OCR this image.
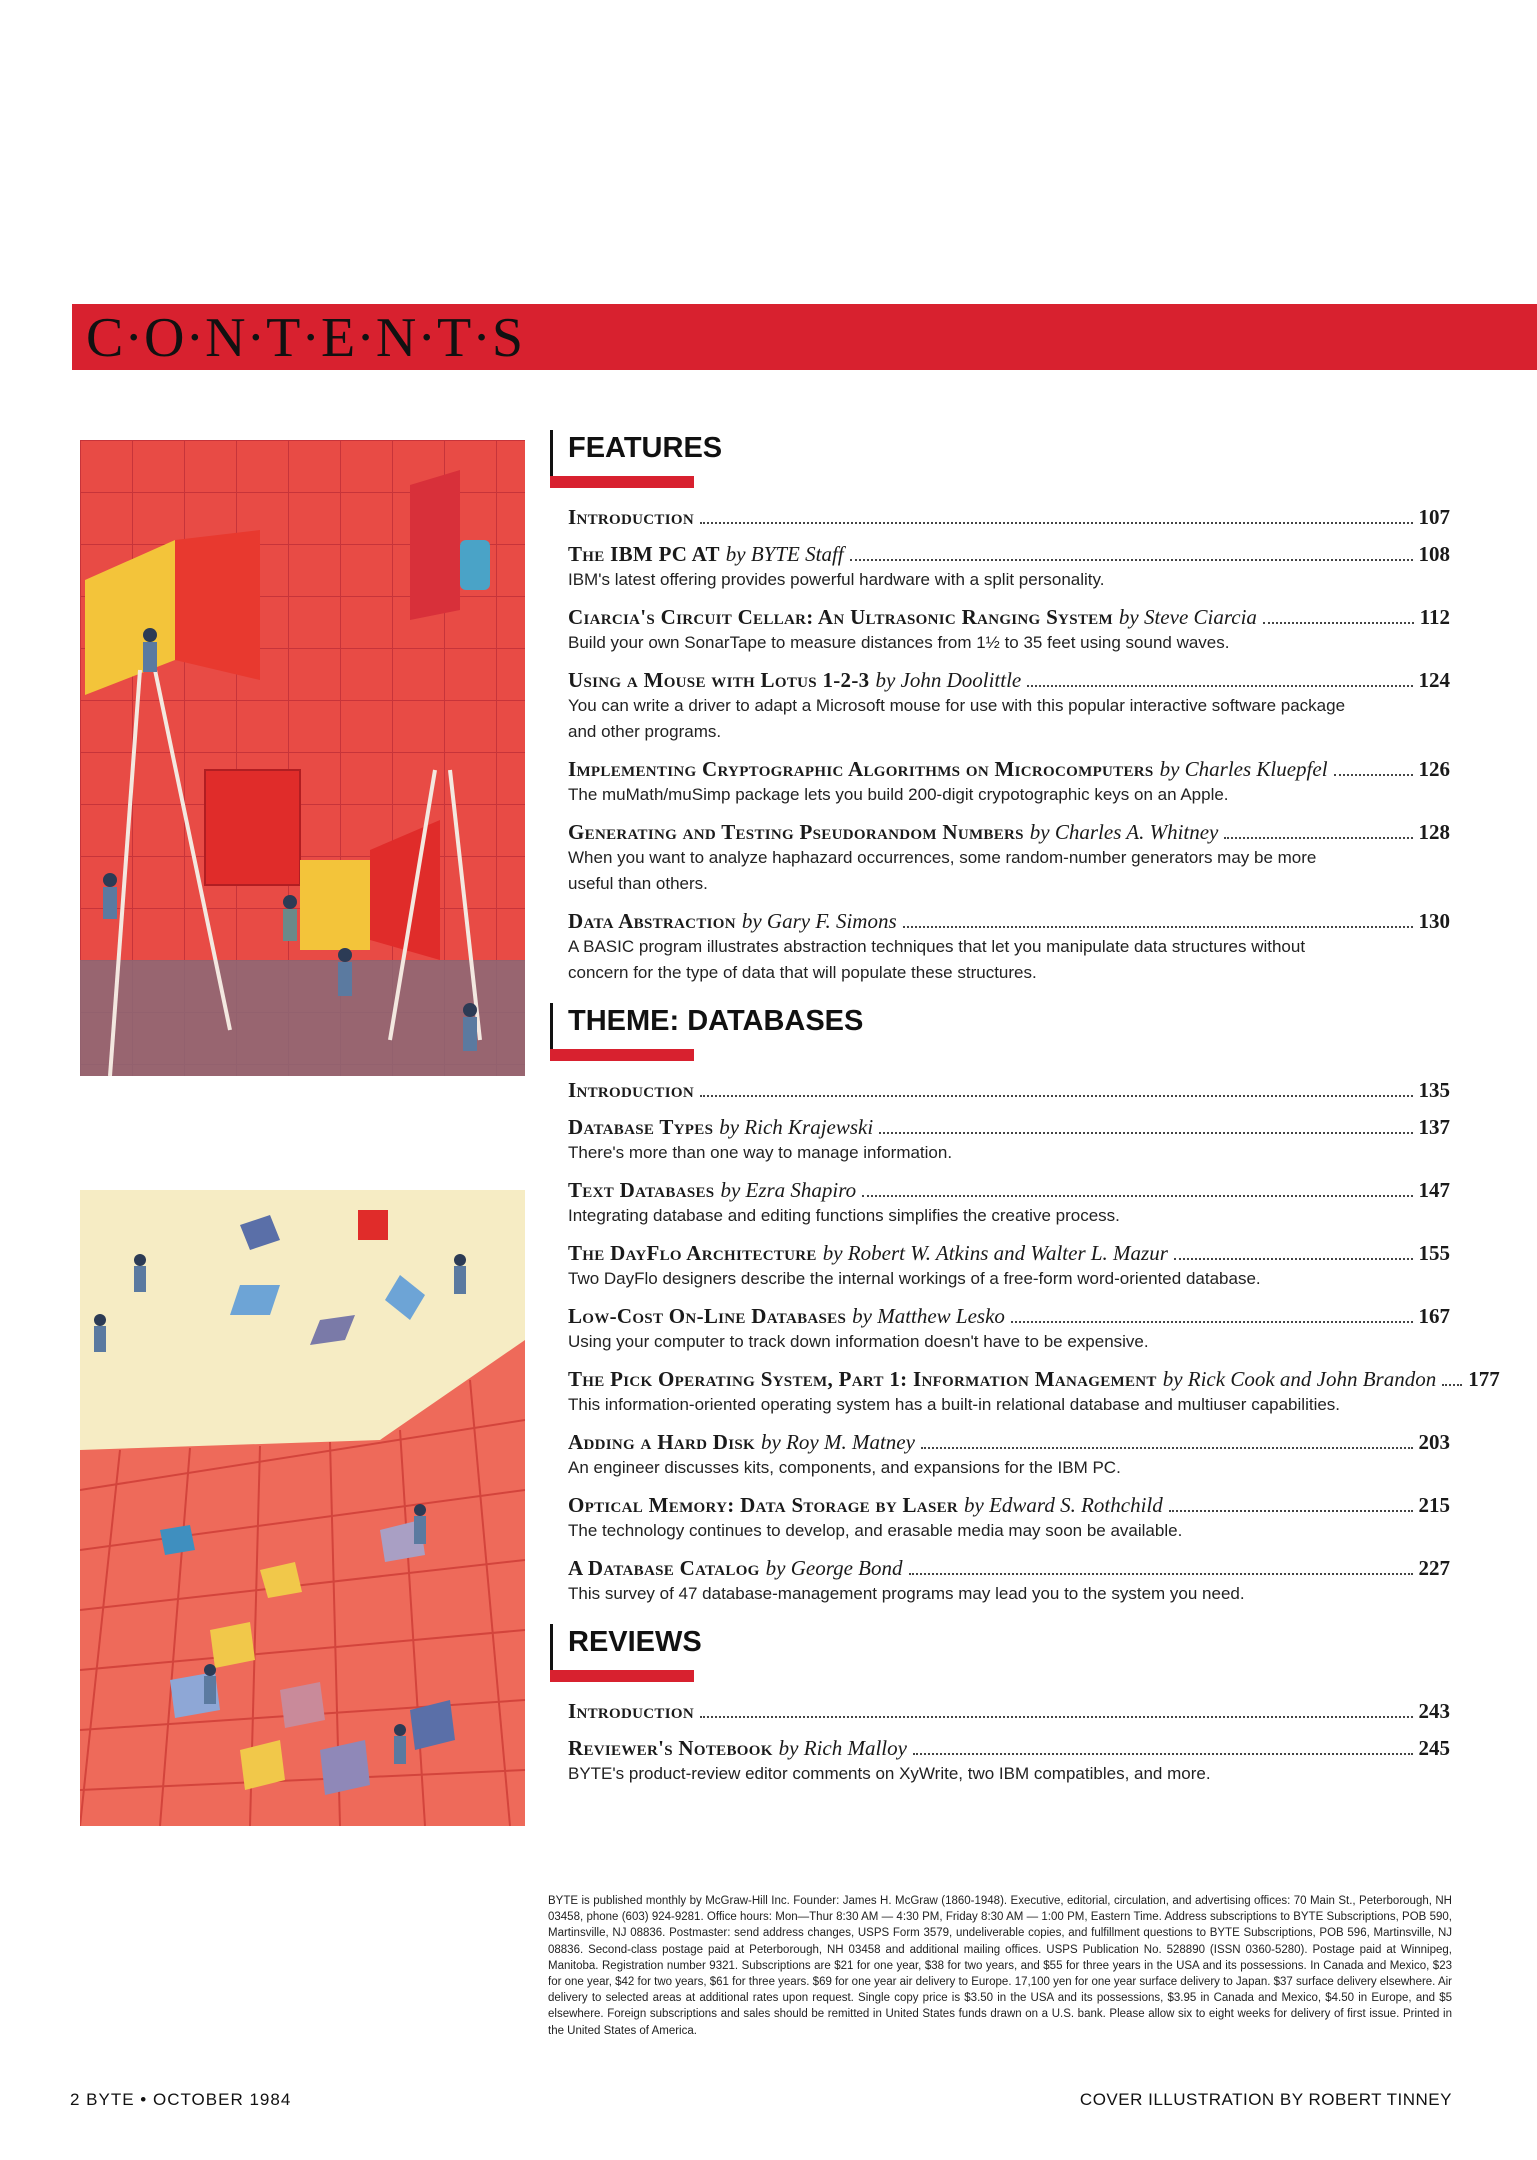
C·O·N·T·E·N·T·S
FEATURES
Introduction	107
The IBM PC AT by BYTE Staff	108
IBM's latest offering provides powerful hardware with a split personality.
Ciarcia's Circuit Cellar: An Ultrasonic Ranging System by Steve Ciarcia	112
Build your own SonarTape to measure distances from 1½ to 35 feet using sound waves.
Using a Mouse with Lotus 1-2-3 by John Doolittle	124
You can write a driver to adapt a Microsoft mouse for use with this popular interactive software package and other programs.
Implementing Cryptographic Algorithms on Microcomputers by Charles Kluepfel	126
The muMath/muSimp package lets you build 200-digit crypotographic keys on an Apple.
Generating and Testing Pseudorandom Numbers by Charles A. Whitney	128
When you want to analyze haphazard occurrences, some random-number generators may be more useful than others.
Data Abstraction by Gary F. Simons	130
A BASIC program illustrates abstraction techniques that let you manipulate data structures without concern for the type of data that will populate these structures.
THEME: DATABASES
Introduction	135
Database Types by Rich Krajewski	137
There's more than one way to manage information.
Text Databases by Ezra Shapiro	147
Integrating database and editing functions simplifies the creative process.
The DayFlo Architecture by Robert W. Atkins and Walter L. Mazur	155
Two DayFlo designers describe the internal workings of a free-form word-oriented database.
Low-Cost On-Line Databases by Matthew Lesko	167
Using your computer to track down information doesn't have to be expensive.
The Pick Operating System, Part 1: Information Management by Rick Cook and John Brandon 177
This information-oriented operating system has a built-in relational database and multiuser capabilities.
Adding a Hard Disk by Roy M. Matney	203
An engineer discusses kits, components, and expansions for the IBM PC.
Optical Memory: Data Storage by Laser by Edward S. Rothchild	215
The technology continues to develop, and erasable media may soon be available.
A Database Catalog by George Bond	227
This survey of 47 database-management programs may lead you to the system you need.
REVIEWS
Introduction	243
Reviewer's Notebook by Rich Malloy	245
BYTE's product-review editor comments on XyWrite, two IBM compatibles, and more.
BYTE is published monthly by McGraw-Hill Inc. Founder: James H. McGraw (1860-1948). Executive, editorial, circulation, and advertising offices: 70 Main St., Peterborough, NH 03458, phone (603) 924-9281. Office hours: Mon—Thur 8:30 AM — 4:30 PM, Friday 8:30 AM — 1:00 PM, Eastern Time. Address subscriptions to BYTE Subscriptions, POB 590, Martinsville, NJ 08836. Postmaster: send address changes, USPS Form 3579, undeliverable copies, and fulfillment questions to BYTE Subscriptions, POB 596, Martinsville, NJ 08836. Second-class postage paid at Peterborough, NH 03458 and additional mailing offices. USPS Publication No. 528890 (ISSN 0360-5280). Postage paid at Winnipeg, Manitoba. Registration number 9321. Subscriptions are $21 for one year, $38 for two years, and $55 for three years in the USA and its possessions. In Canada and Mexico, $23 for one year, $42 for two years, $61 for three years. $69 for one year air delivery to Europe. 17,100 yen for one year surface delivery to Japan. $37 surface delivery elsewhere. Air delivery to selected areas at additional rates upon request. Single copy price is $3.50 in the USA and its possessions, $3.95 in Canada and Mexico, $4.50 in Europe, and $5 elsewhere. Foreign subscriptions and sales should be remitted in United States funds drawn on a U.S. bank. Please allow six to eight weeks for delivery of first issue. Printed in the United States of America.
2 BYTE • OCTOBER 1984	COVER ILLUSTRATION BY ROBERT TINNEY
